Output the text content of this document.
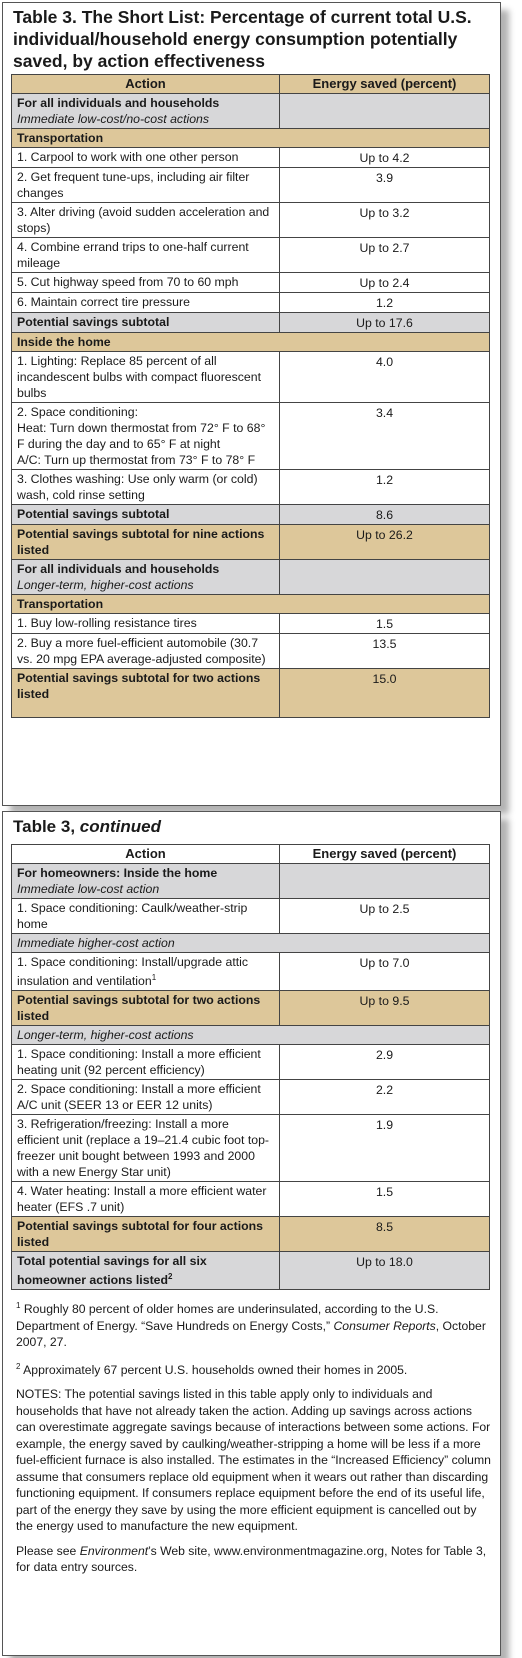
Table 3. The Short List: Percentage of current total U.S. individual/household energy consumption potentially saved, by action effectiveness
Action	Energy saved (percent)
For all individuals and households
Immediate low-cost/no-cost actions	

Transportation	
1. Carpool to work with one other person	Up to 4.2
2. Get frequent tune-ups, including air filter changes	3.9
3. Alter driving (avoid sudden acceleration and stops)	Up to 3.2
4. Combine errand trips to one-half current mileage	Up to 2.7
5. Cut highway speed from 70 to 60 mph	Up to 2.4
6. Maintain correct tire pressure	1.2
Potential savings subtotal	Up to 17.6
Inside the home	
1. Lighting: Replace 85 percent of all incandescent bulbs with compact fluorescent bulbs	4.0

2. Space conditioning:
Heat: Turn down thermostat from 72° F to 68° F during the day and to 65° F at night
A/C: Turn up thermostat from 73° F to 78° F	3.4
3. Clothes washing: Use only warm (or cold) wash, cold rinse setting	1.2
Potential savings subtotal	8.6
Potential savings subtotal for nine actions listed	Up to 26.2
For all individuals and households
Longer-term, higher-cost actions	

Transportation	
1. Buy low-rolling resistance tires	1.5
2. Buy a more fuel-efficient automobile (30.7 vs. 20 mpg EPA average-adjusted composite)	13.5
Potential savings subtotal for two actions listed	15.0
Table 3, continued
Action	Energy saved (percent)
For homeowners: Inside the home
Immediate low-cost action	

1. Space conditioning: Caulk/weather-strip home	Up to 2.5
Immediate higher-cost action	
1. Space conditioning: Install/upgrade attic insulation and ventilation$^1$	Up to 7.0
Potential savings subtotal for two actions listed	Up to 9.5
Longer-term, higher-cost actions	
1. Space conditioning: Install a more efficient heating unit (92 percent efficiency)	2.9
2. Space conditioning: Install a more efficient A/C unit (SEER 13 or EER 12 units)	2.2
3. Refrigeration/freezing: Install a more efficient unit (replace a 19–21.4 cubic foot top-freezer unit bought between 1993 and 2000 with a new Energy Star unit)	1.9
4. Water heating: Install a more efficient water heater (EFS .7 unit)	1.5
Potential savings subtotal for four actions listed	8.5
Total potential savings for all six homeowner actions listed$^2$	Up to 18.0

$^1$ Roughly 80 percent of older homes are underinsulated, according to the U.S. Department of Energy. “Save Hundreds on Energy Costs,” Consumer Reports, October 2007, 27.

$^2$ Approximately 67 percent U.S. households owned their homes in 2005.

NOTES: The potential savings listed in this table apply only to individuals and households that have not already taken the action. Adding up savings across actions can overestimate aggregate savings because of interactions between some actions. For example, the energy saved by caulking/weather-stripping a home will be less if a more fuel-efficient furnace is also installed. The estimates in the “Increased Efficiency” column assume that consumers replace old equipment when it wears out rather than discarding functioning equipment. If consumers replace equipment before the end of its useful life, part of the energy they save by using the more efficient equipment is cancelled out by the energy used to manufacture the new equipment.

Please see Environment’s Web site, www.environmentmagazine.org, Notes for Table 3, for data entry sources.
